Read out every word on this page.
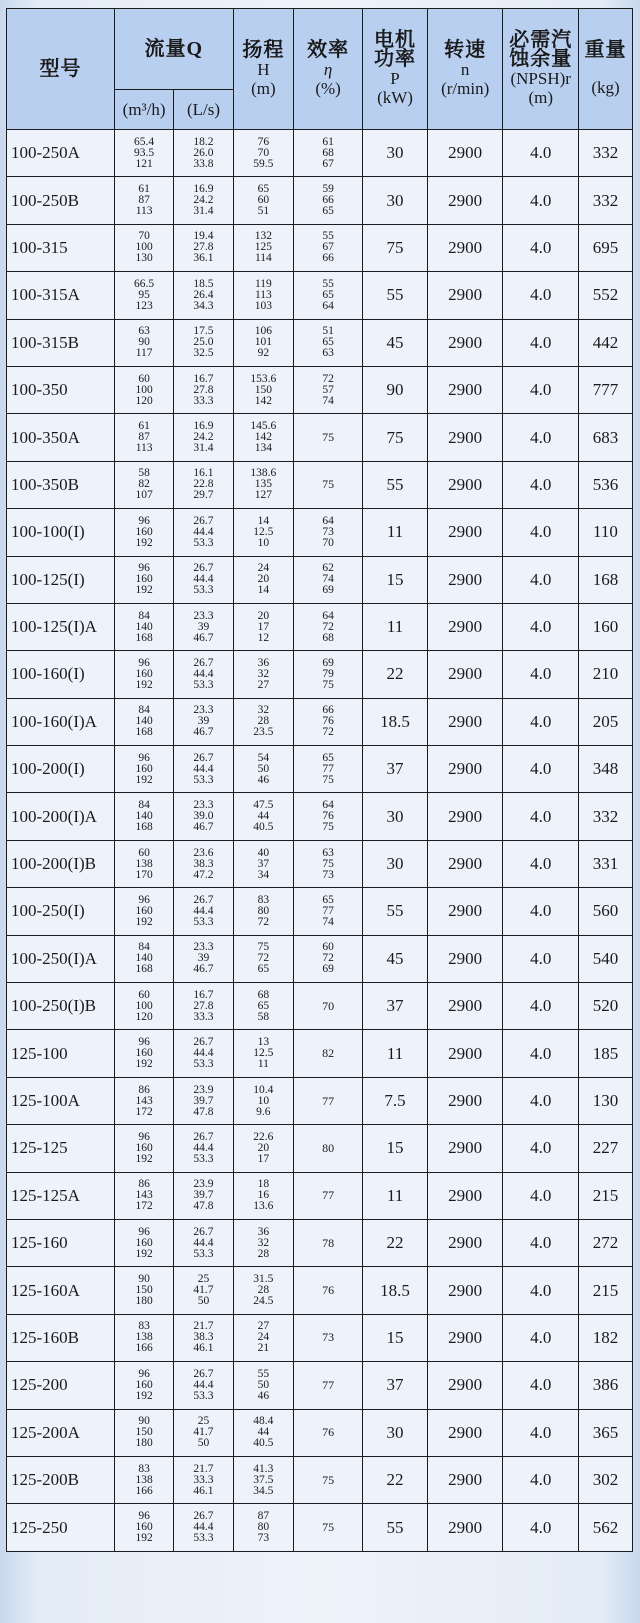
型号	流量Q		扬程
H
(m)	效率
η
(%)	电机
功率
P
(kW)	转速
n
(r/min)	必需汽
蚀余量
(NPSH)r
(m)	重量
(kg)

	(m³/h)	(L/s)						
100-250A	65.4
93.5
121	18.2
26.0
33.8	76
70
59.5	61
68
67	30	2900	4.0	332
100-250B	61
87
113	16.9
24.2
31.4	65
60
51	59
66
65	30	2900	4.0	332
100-315	70
100
130	19.4
27.8
36.1	132
125
114	55
67
66	75	2900	4.0	695
100-315A	66.5
95
123	18.5
26.4
34.3	119
113
103	55
65
64	55	2900	4.0	552
100-315B	63
90
117	17.5
25.0
32.5	106
101
92	51
65
63	45	2900	4.0	442
100-350	60
100
120	16.7
27.8
33.3	153.6
150
142	72
57
74	90	2900	4.0	777
100-350A	61
87
113	16.9
24.2
31.4	145.6
142
134	75	75	2900	4.0	683
100-350B	58
82
107	16.1
22.8
29.7	138.6
135
127	75	55	2900	4.0	536
100-100(I)	96
160
192	26.7
44.4
53.3	14
12.5
10	64
73
70	11	2900	4.0	110
100-125(I)	96
160
192	26.7
44.4
53.3	24
20
14	62
74
69	15	2900	4.0	168
100-125(I)A	84
140
168	23.3
39
46.7	20
17
12	64
72
68	11	2900	4.0	160
100-160(I)	96
160
192	26.7
44.4
53.3	36
32
27	69
79
75	22	2900	4.0	210
100-160(I)A	84
140
168	23.3
39
46.7	32
28
23.5	66
76
72	18.5	2900	4.0	205
100-200(I)	96
160
192	26.7
44.4
53.3	54
50
46	65
77
75	37	2900	4.0	348
100-200(I)A	84
140
168	23.3
39.0
46.7	47.5
44
40.5	64
76
75	30	2900	4.0	332
100-200(I)B	60
138
170	23.6
38.3
47.2	40
37
34	63
75
73	30	2900	4.0	331
100-250(I)	96
160
192	26.7
44.4
53.3	83
80
72	65
77
74	55	2900	4.0	560
100-250(I)A	84
140
168	23.3
39
46.7	75
72
65	60
72
69	45	2900	4.0	540
100-250(I)B	60
100
120	16.7
27.8
33.3	68
65
58	70	37	2900	4.0	520
125-100	96
160
192	26.7
44.4
53.3	13
12.5
11	82	11	2900	4.0	185
125-100A	86
143
172	23.9
39.7
47.8	10.4
10
9.6	77	7.5	2900	4.0	130
125-125	96
160
192	26.7
44.4
53.3	22.6
20
17	80	15	2900	4.0	227
125-125A	86
143
172	23.9
39.7
47.8	18
16
13.6	77	11	2900	4.0	215
125-160	96
160
192	26.7
44.4
53.3	36
32
28	78	22	2900	4.0	272
125-160A	90
150
180	25
41.7
50	31.5
28
24.5	76	18.5	2900	4.0	215
125-160B	83
138
166	21.7
38.3
46.1	27
24
21	73	15	2900	4.0	182
125-200	96
160
192	26.7
44.4
53.3	55
50
46	77	37	2900	4.0	386
125-200A	90
150
180	25
41.7
50	48.4
44
40.5	76	30	2900	4.0	365
125-200B	83
138
166	21.7
33.3
46.1	41.3
37.5
34.5	75	22	2900	4.0	302
125-250	96
160
192	26.7
44.4
53.3	87
80
73	75	55	2900	4.0	562
